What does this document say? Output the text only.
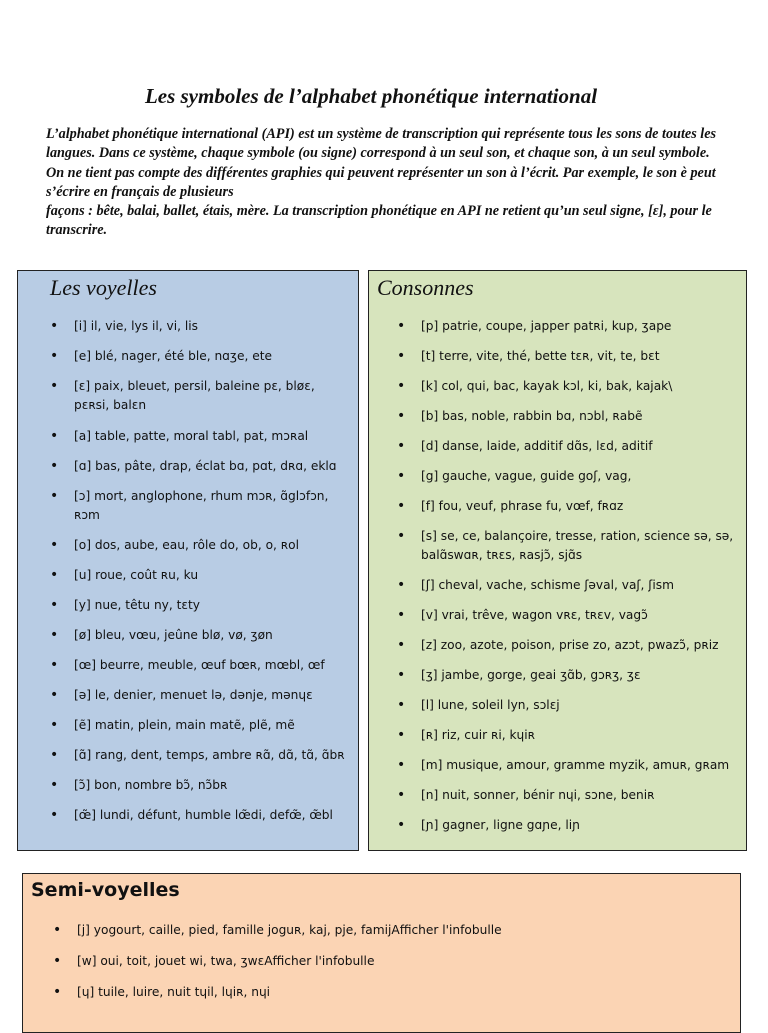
Les symboles de l’alphabet phonétique international

L’alphabet phonétique international (API) est un système de transcription qui représente tous les sons de toutes les langues. Dans ce système, chaque symbole (ou signe) correspond à un seul son, et chaque son, à un seul symbole. On ne tient pas compte des différentes graphies qui peuvent représenter un son à l’écrit. Par exemple, le son è peut s’écrire en français de plusieurs

façons : bête, balai, ballet, étais, mère. La transcription phonétique en API ne retient qu’un seul signe, [ɛ], pour le transcrire.

Les voyelles
• [i] il, vie, lys il, vi, lis
• [e] blé, nager, été ble, nɑʒe, ete
• [ɛ] paix, bleuet, persil, baleine pɛ, bløɛ, pɛʀsi, balɛn
• [a] table, patte, moral tabl, pat, mɔʀal
• [ɑ] bas, pâte, drap, éclat bɑ, pɑt, dʀɑ, eklɑ
• [ɔ] mort, anglophone, rhum mɔʀ, ɑ̃glɔfɔn, ʀɔm
• [o] dos, aube, eau, rôle do, ob, o, ʀol
• [u] roue, coût ʀu, ku
• [y] nue, têtu ny, tɛty
• [ø] bleu, vœu, jeûne blø, vø, ʒøn
• [œ] beurre, meuble, œuf bœʀ, mœbl, œf
• [ə] le, denier, menuet lə, dənje, mənɥɛ
• [ẽ] matin, plein, main matẽ, plẽ, mẽ
• [ɑ̃] rang, dent, temps, ambre ʀɑ̃, dɑ̃, tɑ̃, ɑ̃bʀ
• [ɔ̃] bon, nombre bɔ̃, nɔ̃bʀ
• [œ̃] lundi, défunt, humble lœ̃di, defœ̃, œ̃bl
Consonnes
• [p] patrie, coupe, japper patʀi, kup, ʒape
• [t] terre, vite, thé, bette tɛʀ, vit, te, bɛt
• [k] col, qui, bac, kayak kɔl, ki, bak, kajak\
• [b] bas, noble, rabbin bɑ, nɔbl, ʀabẽ
• [d] danse, laide, additif dɑ̃s, lɛd, aditif
• [g] gauche, vague, guide goʃ, vag,
• [f] fou, veuf, phrase fu, vœf, fʀɑz
• [s] se, ce, balançoire, tresse, ration, science sə, sə, balɑ̃swɑʀ, tʀɛs, ʀasjɔ̃, sjɑ̃s
• [ʃ] cheval, vache, schisme ʃəval, vaʃ, ʃism
• [v] vrai, trêve, wagon vʀɛ, tʀɛv, vagɔ̃
• [z] zoo, azote, poison, prise zo, azɔt, pwazɔ̃, pʀiz
• [ʒ] jambe, gorge, geai ʒɑ̃b, gɔʀʒ, ʒɛ
• [l] lune, soleil lyn, sɔlɛj
• [ʀ] riz, cuir ʀi, kɥiʀ
• [m] musique, amour, gramme myzik, amuʀ, gʀam
• [n] nuit, sonner, bénir nɥi, sɔne, beniʀ
• [ɲ] gagner, ligne gɑɲe, liɲ
Semi-voyelles
• [j] yogourt, caille, pied, famille joguʀ, kaj, pje, famijAfficher l'infobulle
• [w] oui, toit, jouet wi, twa, ʒwɛAfficher l'infobulle
• [ɥ] tuile, luire, nuit tɥil, lɥiʀ, nɥi
